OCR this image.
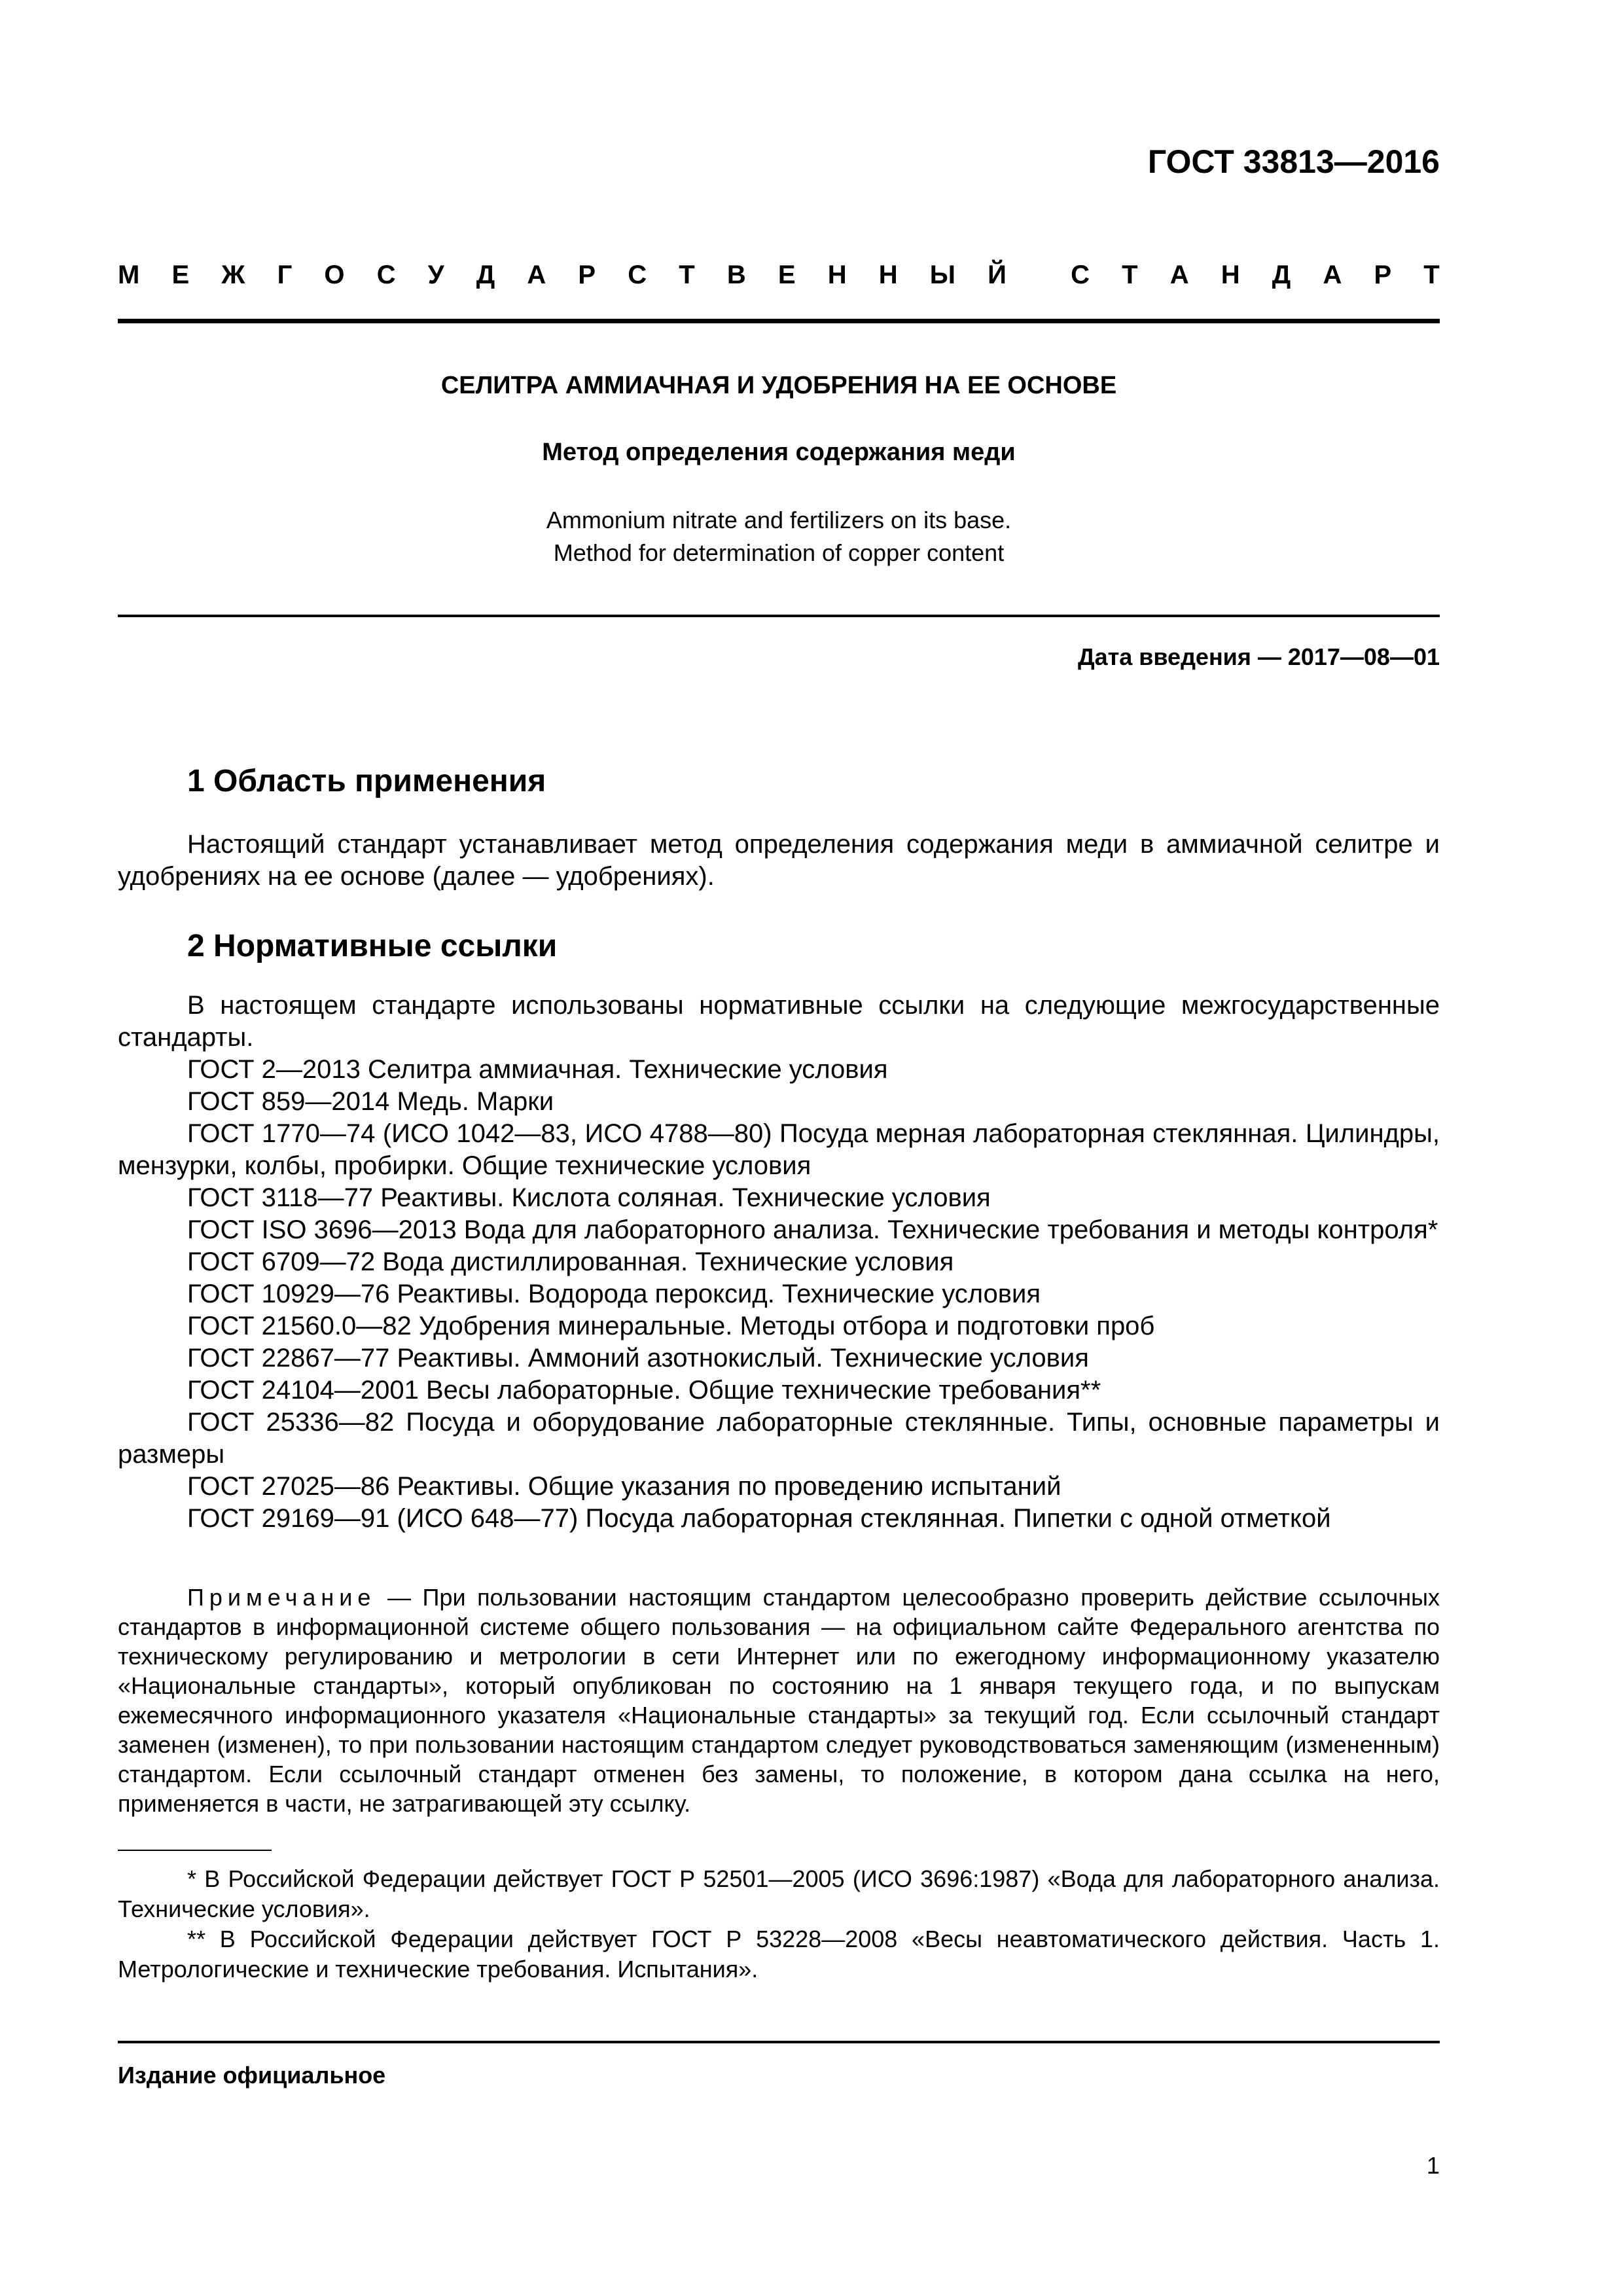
ГОСТ 33813—2016
М Е Ж Г О С У Д А Р С Т В Е Н Н Ы Й С Т А Н Д А Р Т
СЕЛИТРА АММИАЧНАЯ И УДОБРЕНИЯ НА ЕЕ ОСНОВЕ
Метод определения содержания меди
Ammonium nitrate and fertilizers on its base.
Method for determination of copper content
Дата введения — 2017—08—01
1 Область применения

Настоящий стандарт устанавливает метод определения содержания меди в аммиачной селитре и удобрениях на ее основе (далее — удобрениях).

2 Нормативные ссылки

В настоящем стандарте использованы нормативные ссылки на следующие межгосударственные стандарты.

ГОСТ 2—2013 Селитра аммиачная. Технические условия

ГОСТ 859—2014 Медь. Марки

ГОСТ 1770—74 (ИСО 1042—83, ИСО 4788—80) Посуда мерная лабораторная стеклянная. Цилиндры, мензурки, колбы, пробирки. Общие технические условия

ГОСТ 3118—77 Реактивы. Кислота соляная. Технические условия

ГОСТ ISO 3696—2013 Вода для лабораторного анализа. Технические требования и методы контроля*

ГОСТ 6709—72 Вода дистиллированная. Технические условия

ГОСТ 10929—76 Реактивы. Водорода пероксид. Технические условия

ГОСТ 21560.0—82 Удобрения минеральные. Методы отбора и подготовки проб

ГОСТ 22867—77 Реактивы. Аммоний азотнокислый. Технические условия

ГОСТ 24104—2001 Весы лабораторные. Общие технические требования**

ГОСТ 25336—82 Посуда и оборудование лабораторные стеклянные. Типы, основные параметры и размеры

ГОСТ 27025—86 Реактивы. Общие указания по проведению испытаний

ГОСТ 29169—91 (ИСО 648—77) Посуда лабораторная стеклянная. Пипетки с одной отметкой

Примечание — При пользовании настоящим стандартом целесообразно проверить действие ссылочных стандартов в информационной системе общего пользования — на официальном сайте Федерального агентства по техническому регулированию и метрологии в сети Интернет или по ежегодному информационному указателю «Национальные стандарты», который опубликован по состоянию на 1 января текущего года, и по выпускам ежемесячного информационного указателя «Национальные стандарты» за текущий год. Если ссылочный стандарт заменен (изменен), то при пользовании настоящим стандартом следует руководствоваться заменяющим (измененным) стандартом. Если ссылочный стандарт отменен без замены, то положение, в котором дана ссылка на него, применяется в части, не затрагивающей эту ссылку.

* В Российской Федерации действует ГОСТ Р 52501—2005 (ИСО 3696:1987) «Вода для лабораторного анализа. Технические условия».

** В Российской Федерации действует ГОСТ Р 53228—2008 «Весы неавтоматического действия. Часть 1. Метрологические и технические требования. Испытания».

Издание официальное
1
